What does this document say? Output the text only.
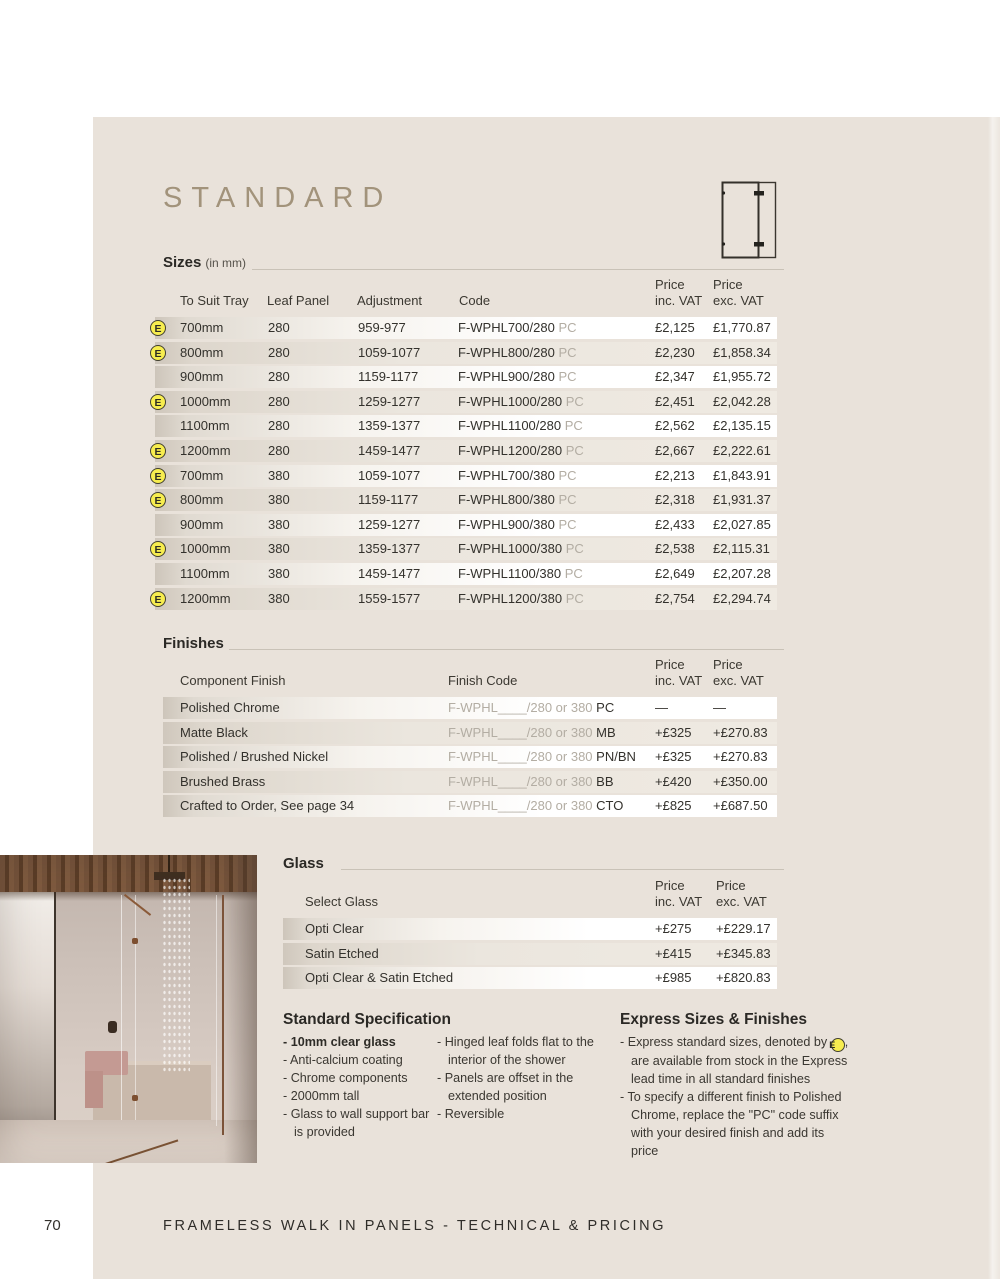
STANDARD
Sizes (in mm)
To Suit Tray Leaf Panel Adjustment	Code
Price
inc. VAT
Price
exc. VAT
E	700mm	280	959-977	F-WPHL700/280 PC	£2,125 £1,770.87
E	800mm	280	1059-1077	F-WPHL800/280 PC	£2,230 £1,858.34
900mm	280	1159-1177	F-WPHL900/280 PC	£2,347 £1,955.72
E	1000mm	280	1259-1277	F-WPHL1000/280 PC	£2,451 £2,042.28
1100mm	280	1359-1377	F-WPHL1100/280 PC	£2,562 £2,135.15
E	1200mm	280	1459-1477	F-WPHL1200/280 PC	£2,667 £2,222.61
E	700mm	380	1059-1077	F-WPHL700/380 PC	£2,213 £1,843.91
E	800mm	380	1159-1177	F-WPHL800/380 PC	£2,318 £1,931.37
900mm	380	1259-1277	F-WPHL900/380 PC	£2,433 £2,027.85
E	1000mm	380	1359-1377	F-WPHL1000/380 PC	£2,538 £2,115.31
1100mm	380	1459-1477	F-WPHL1100/380 PC	£2,649 £2,207.28
E	1200mm	380	1559-1577	F-WPHL1200/380 PC	£2,754 £2,294.74
Finishes
Component Finish	Finish Code
Price
inc. VAT
Price
exc. VAT
Polished Chrome	F-WPHL____/280 or 380 PC	—	—
Matte Black	F-WPHL____/280 or 380 MB	+£325 +£270.83
Polished / Brushed Nickel	F-WPHL____/280 or 380 PN/BN +£325 +£270.83
Brushed Brass	F-WPHL____/280 or 380 BB	+£420 +£350.00
Crafted to Order, See page 34	F-WPHL____/280 or 380 CTO +£825 +£687.50
Glass
Select Glass
Price
inc. VAT
Price
exc. VAT
Opti Clear	+£275 +£229.17
Satin Etched	+£415 +£345.83
Opti Clear & Satin Etched	+£985 +£820.83
Standard Specification
- 10mm clear glass
- Anti-calcium coating
- Chrome components
- 2000mm tall
- Glass to wall support bar is provided
- Hinged leaf folds flat to the interior of the shower
- Panels are offset in the extended position
- Reversible
Express Sizes & Finishes
- Express standard sizes, denoted by E , are available from stock in the Express lead time in all standard finishes
- To specify a different finish to Polished Chrome, replace the "PC" code suffix with your desired finish and add its price
70	FRAMELESS WALK IN PANELS - TECHNICAL & PRICING
